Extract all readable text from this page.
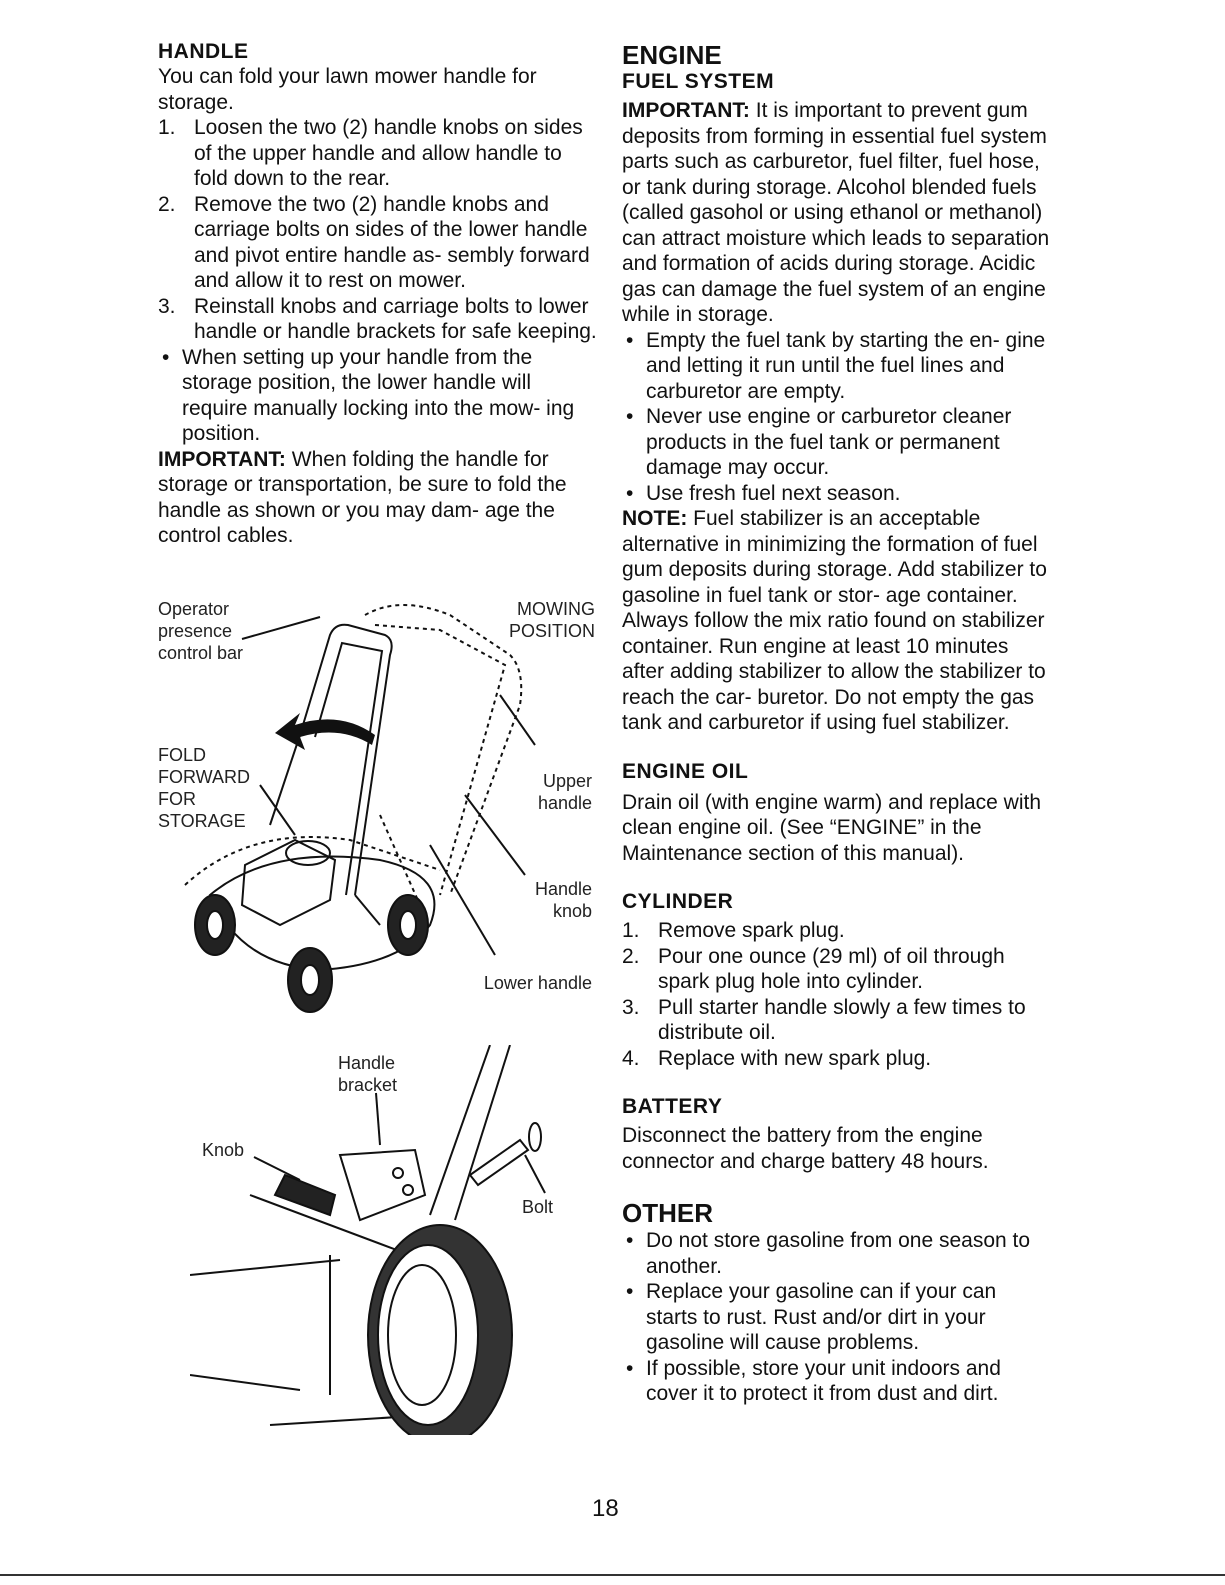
HANDLE

You can fold your lawn mower handle for storage.

1. Loosen the two (2) handle knobs on sides of the upper handle and allow handle to fold down to the rear.
2. Remove the two (2) handle knobs and carriage bolts on sides of the lower handle and pivot entire handle as- sembly forward and allow it to rest on mower.
3. Reinstall knobs and carriage bolts to lower handle or handle brackets for safe keeping.
• When setting up your handle from the storage position, the lower handle will require manually locking into the mow- ing position.

IMPORTANT: When folding the handle for storage or transportation, be sure to fold the handle as shown or you may dam- age the control cables.

Operator
presence
control bar
MOWING
POSITION
FOLD
FORWARD
FOR
STORAGE
Upper
handle
Handle
knob
Lower handle
Handle
bracket
Knob
Bolt

ENGINE

FUEL SYSTEM

IMPORTANT: It is important to prevent gum deposits from forming in essential fuel system parts such as carburetor, fuel filter, fuel hose, or tank during storage. Alcohol blended fuels (called gasohol or using ethanol or methanol) can attract moisture which leads to separation and formation of acids during storage. Acidic gas can damage the fuel system of an engine while in storage.

• Empty the fuel tank by starting the en- gine and letting it run until the fuel lines and carburetor are empty.
• Never use engine or carburetor cleaner products in the fuel tank or permanent damage may occur.
• Use fresh fuel next season.

NOTE: Fuel stabilizer is an acceptable alternative in minimizing the formation of fuel gum deposits during storage. Add stabilizer to gasoline in fuel tank or stor- age container. Always follow the mix ratio found on stabilizer container. Run engine at least 10 minutes after adding stabilizer to allow the stabilizer to reach the car- buretor. Do not empty the gas tank and carburetor if using fuel stabilizer.

ENGINE OIL

Drain oil (with engine warm) and replace with clean engine oil. (See “ENGINE” in the Maintenance section of this manual).

CYLINDER

1. Remove spark plug.
2. Pour one ounce (29 ml) of oil through spark plug hole into cylinder.
3. Pull starter handle slowly a few times to distribute oil.
4. Replace with new spark plug.

BATTERY

Disconnect the battery from the engine connector and charge battery 48 hours.

OTHER

• Do not store gasoline from one season to another.
• Replace your gasoline can if your can starts to rust. Rust and/or dirt in your gasoline will cause problems.
• If possible, store your unit indoors and cover it to protect it from dust and dirt.
18
